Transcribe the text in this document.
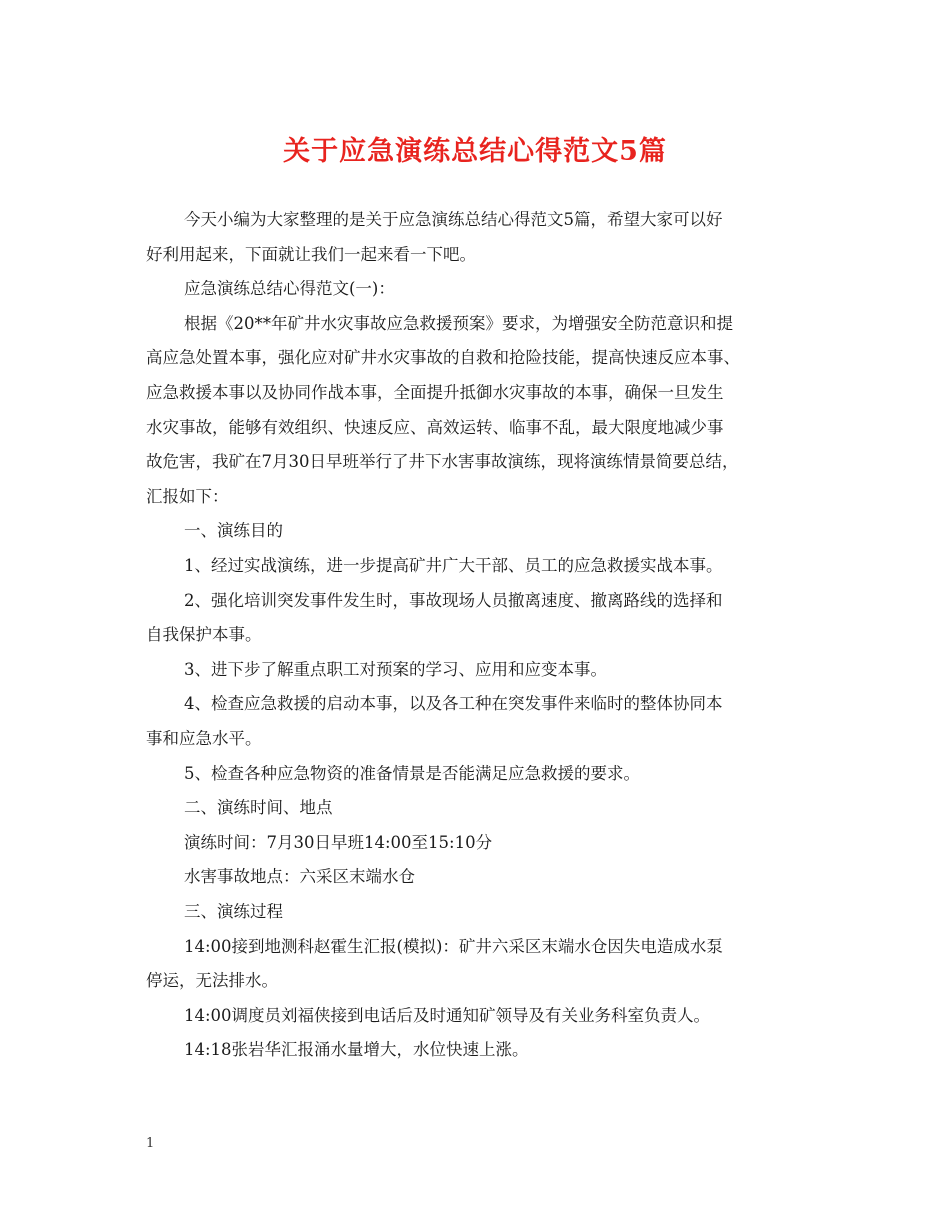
关于应急演练总结心得范文5篇
今天小编为大家整理的是关于应急演练总结心得范文5篇，希望大家可以好
好利用起来，下面就让我们一起来看一下吧。
应急演练总结心得范文(一)：
根据《20**年矿井水灾事故应急救援预案》要求，为增强安全防范意识和提
高应急处置本事，强化应对矿井水灾事故的自救和抢险技能，提高快速反应本事、
应急救援本事以及协同作战本事，全面提升抵御水灾事故的本事，确保一旦发生
水灾事故，能够有效组织、快速反应、高效运转、临事不乱，最大限度地减少事
故危害，我矿在7月30日早班举行了井下水害事故演练，现将演练情景简要总结，
汇报如下：
一、演练目的
1、经过实战演练，进一步提高矿井广大干部、员工的应急救援实战本事。
2、强化培训突发事件发生时，事故现场人员撤离速度、撤离路线的选择和
自我保护本事。
3、进下步了解重点职工对预案的学习、应用和应变本事。
4、检查应急救援的启动本事，以及各工种在突发事件来临时的整体协同本
事和应急水平。
5、检查各种应急物资的准备情景是否能满足应急救援的要求。
二、演练时间、地点
演练时间：7月30日早班14:00至15:10分
水害事故地点：六采区末端水仓
三、演练过程
14:00接到地测科赵霍生汇报(模拟)：矿井六采区末端水仓因失电造成水泵
停运，无法排水。
14:00调度员刘福侠接到电话后及时通知矿领导及有关业务科室负责人。
14:18张岩华汇报涌水量增大，水位快速上涨。
1
